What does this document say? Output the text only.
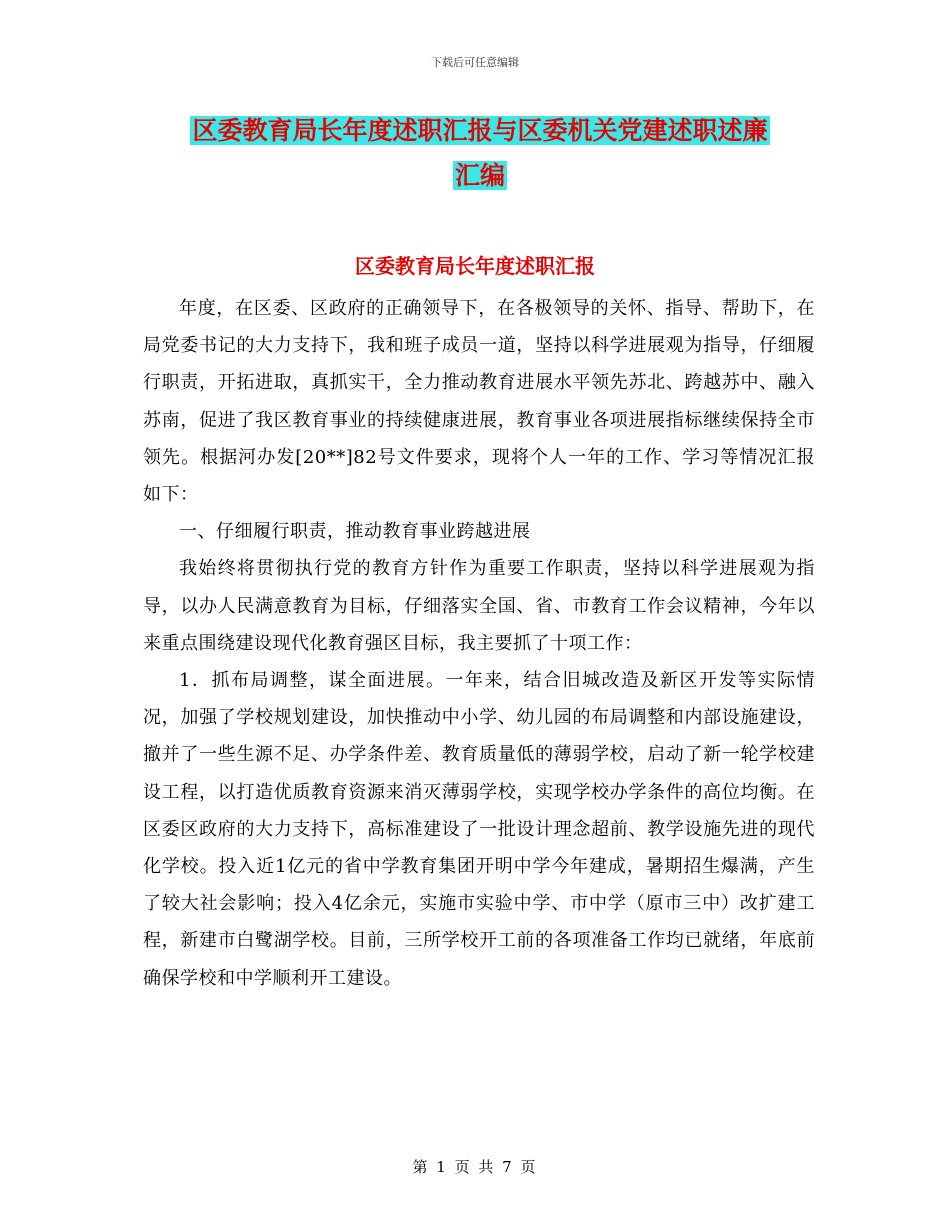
下载后可任意编辑
区委教育局长年度述职汇报与区委机关党建述职述廉
汇编
区委教育局长年度述职汇报

年度，在区委、区政府的正确领导下，在各极领导的关怀、指导、帮助下，在局党委书记的大力支持下，我和班子成员一道，坚持以科学进展观为指导，仔细履行职责，开拓进取，真抓实干，全力推动教育进展水平领先苏北、跨越苏中、融入苏南，促进了我区教育事业的持续健康进展，教育事业各项进展指标继续保持全市领先。根据河办发[20**]82号文件要求，现将个人一年的工作、学习等情况汇报如下：

一、仔细履行职责，推动教育事业跨越进展

我始终将贯彻执行党的教育方针作为重要工作职责，坚持以科学进展观为指导，以办人民满意教育为目标，仔细落实全国、省、市教育工作会议精神，今年以来重点围绕建设现代化教育强区目标，我主要抓了十项工作：

1．抓布局调整，谋全面进展。一年来，结合旧城改造及新区开发等实际情况，加强了学校规划建设，加快推动中小学、幼儿园的布局调整和内部设施建设，撤并了一些生源不足、办学条件差、教育质量低的薄弱学校，启动了新一轮学校建设工程，以打造优质教育资源来消灭薄弱学校，实现学校办学条件的高位均衡。在区委区政府的大力支持下，高标准建设了一批设计理念超前、教学设施先进的现代化学校。投入近1亿元的省中学教育集团开明中学今年建成，暑期招生爆满，产生了较大社会影响；投入4亿余元，实施市实验中学、市中学（原市三中）改扩建工程，新建市白鹭湖学校。目前，三所学校开工前的各项准备工作均已就绪，年底前确保学校和中学顺利开工建设。

第 1 页 共 7 页
